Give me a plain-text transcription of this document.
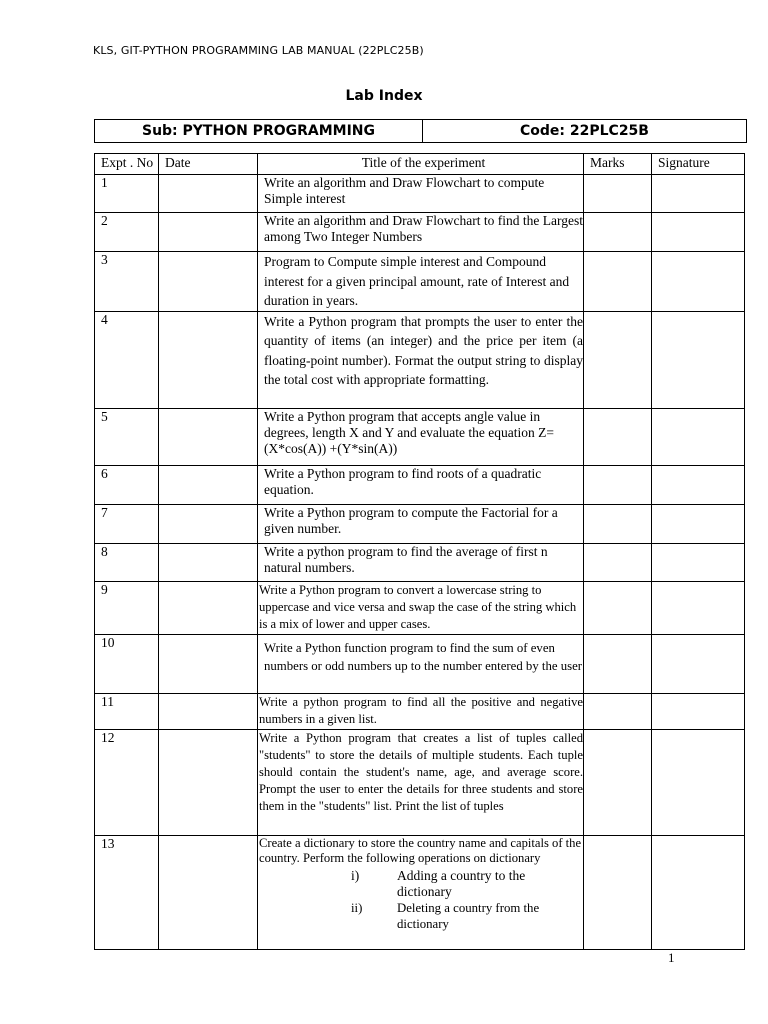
KLS, GIT-PYTHON PROGRAMMING LAB MANUAL (22PLC25B)
Lab Index
Sub: PYTHON PROGRAMMING	Code: 22PLC25B
Expt . No	Date	Title of the experiment	Marks	Signature
1		Write an algorithm and Draw Flowchart to compute Simple interest		
2		Write an algorithm and Draw Flowchart to find the Largest among Two Integer Numbers		
3		Program to Compute simple interest and Compound interest for a given principal amount, rate of Interest and duration in years.		
4		Write a Python program that prompts the user to enter the quantity of items (an integer) and the price per item (a floating-point number). Format the output string to display the total cost with appropriate formatting.		
5		Write a Python program that accepts angle value in degrees, length X and Y and evaluate the equation Z=(X*cos(A)) +(Y*sin(A))		
6		Write a Python program to find roots of a quadratic equation.		
7		Write a Python program to compute the Factorial for a given number.		
8		Write a python program to find the average of first n natural numbers.		
9		Write a Python program to convert a lowercase string to uppercase and vice versa and swap the case of the string which is a mix of lower and upper cases.		
10		Write a Python function program to find the sum of even numbers or odd numbers up to the number entered by the user		
11		Write a python program to find all the positive and negative numbers in a given list.		
12		Write a Python program that creates a list of tuples called "students" to store the details of multiple students. Each tuple should contain the student's name, age, and average score. Prompt the user to enter the details for three students and store them in the "students" list. Print the list of tuples		
13		Create a dictionary to store the country name and capitals of the country. Perform the following operations on dictionary
i) Adding a country to the dictionary
ii) Deleting a country from the dictionary		

1
